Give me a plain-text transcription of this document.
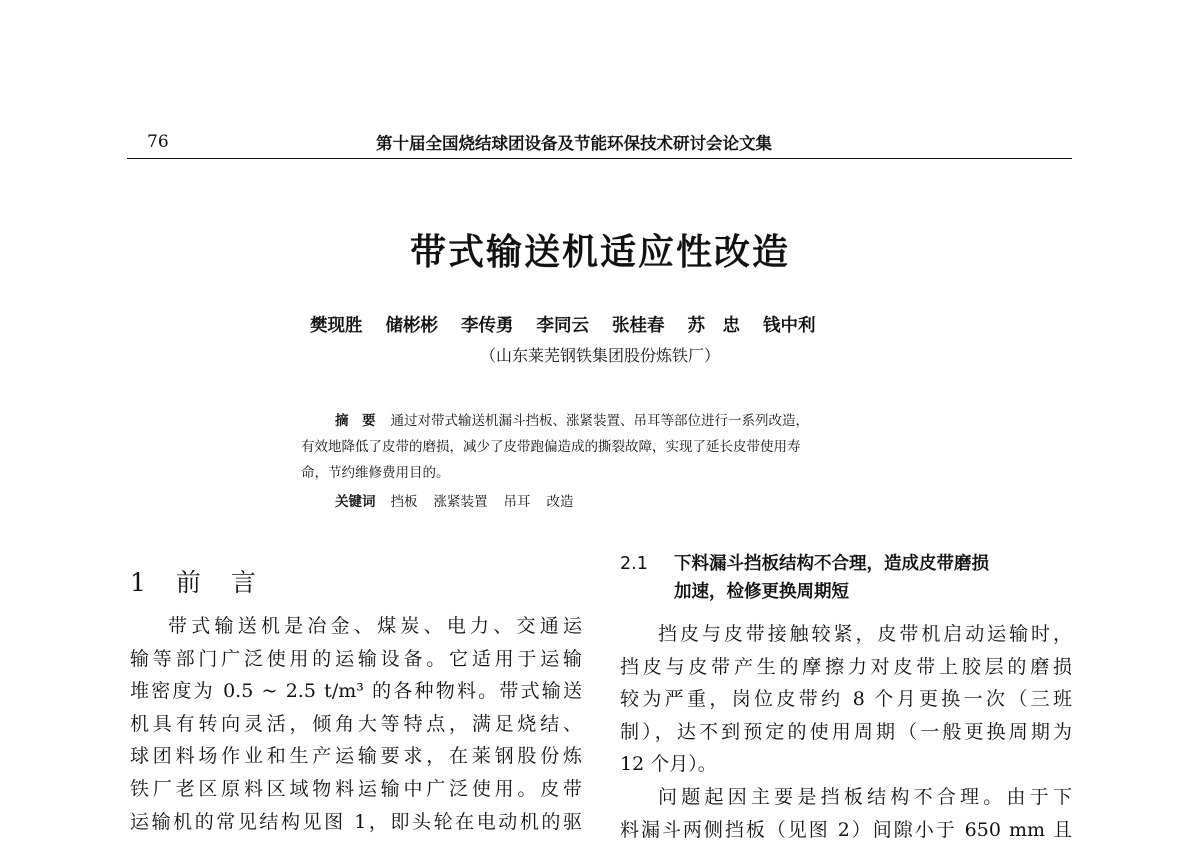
76	第十届全国烧结球团设备及节能环保技术研讨会论文集
带式输送机适应性改造
樊现胜 储彬彬 李传勇 李同云 张桂春 苏　忠 钱中利
（山东莱芜钢铁集团股份炼铁厂）
摘　要 通过对带式输送机漏斗挡板、涨紧装置、吊耳等部位进行一系列改造，
有效地降低了皮带的磨损，减少了皮带跑偏造成的撕裂故障，实现了延长皮带使用寿
命，节约维修费用目的。
关键词 挡板 涨紧装置 吊耳 改造
1 前 言

带式输送机是冶金、煤炭、电力、交通运
输等部门广泛使用的运输设备。它适用于运输
堆密度为 0.5 ~ 2.5 t/m³ 的各种物料。带式输送
机具有转向灵活，倾角大等特点，满足烧结、
球团料场作业和生产运输要求，在莱钢股份炼
铁厂老区原料区域物料运输中广泛使用。皮带
运输机的常见结构见图 1，即头轮在电动机的驱

2.1 下料漏斗挡板结构不合理，造成皮带磨损
加速，检修更换周期短

挡皮与皮带接触较紧，皮带机启动运输时，
挡皮与皮带产生的摩擦力对皮带上胶层的磨损
较为严重，岗位皮带约 8 个月更换一次（三班
制），达不到预定的使用周期（一般更换周期为
12 个月）。

问题起因主要是挡板结构不合理。由于下
料漏斗两侧挡板（见图 2）间隙小于 650 mm 且
